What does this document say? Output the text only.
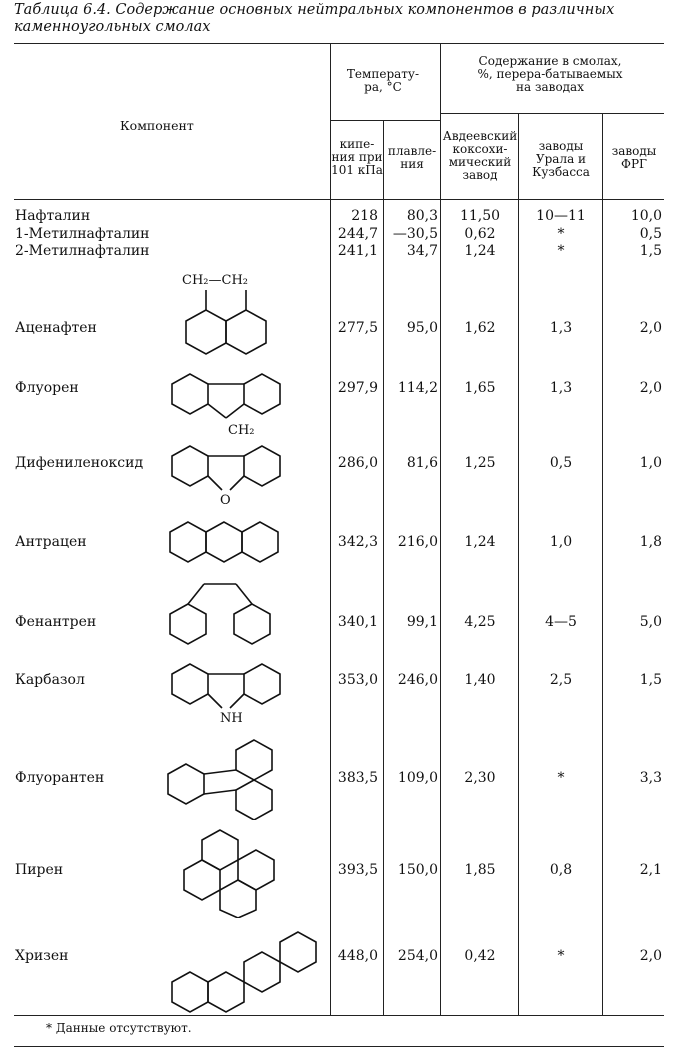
Таблица 6.4. Содержание основных нейтральных компонентов в различных каменноугольных смолах
Компонент
Температу-ра, °С
кипе-ния при 101 кПа
плавле-ния
Содержание в смолах, %, перера-батываемых на заводах
Авдеевский коксохи-мический завод
заводы Урала и Кузбасса
заводы ФРГ
Нафталин	218	80,3	11,50	10—11	10,0
1-Метилнафталин	244,7	—30,5	0,62	*	0,5
2-Метилнафталин	241,1	34,7	1,24	*	1,5
Аценафтен	277,5	95,0	1,62	1,3	2,0
Флуорен	297,9	114,2	1,65	1,3	2,0
Дифениленоксид	286,0	81,6	1,25	0,5	1,0
Антрацен	342,3	216,0	1,24	1,0	1,8
Фенантрен	340,1	99,1	4,25	4—5	5,0
Карбазол	353,0	246,0	1,40	2,5	1,5
Флуорантен	383,5	109,0	2,30	*	3,3
Пирен	393,5	150,0	1,85	0,8	2,1
Хризен	448,0	254,0	0,42	*	2,0
CH₂—CH₂
CH₂
O
NH
* Данные отсутствуют.
